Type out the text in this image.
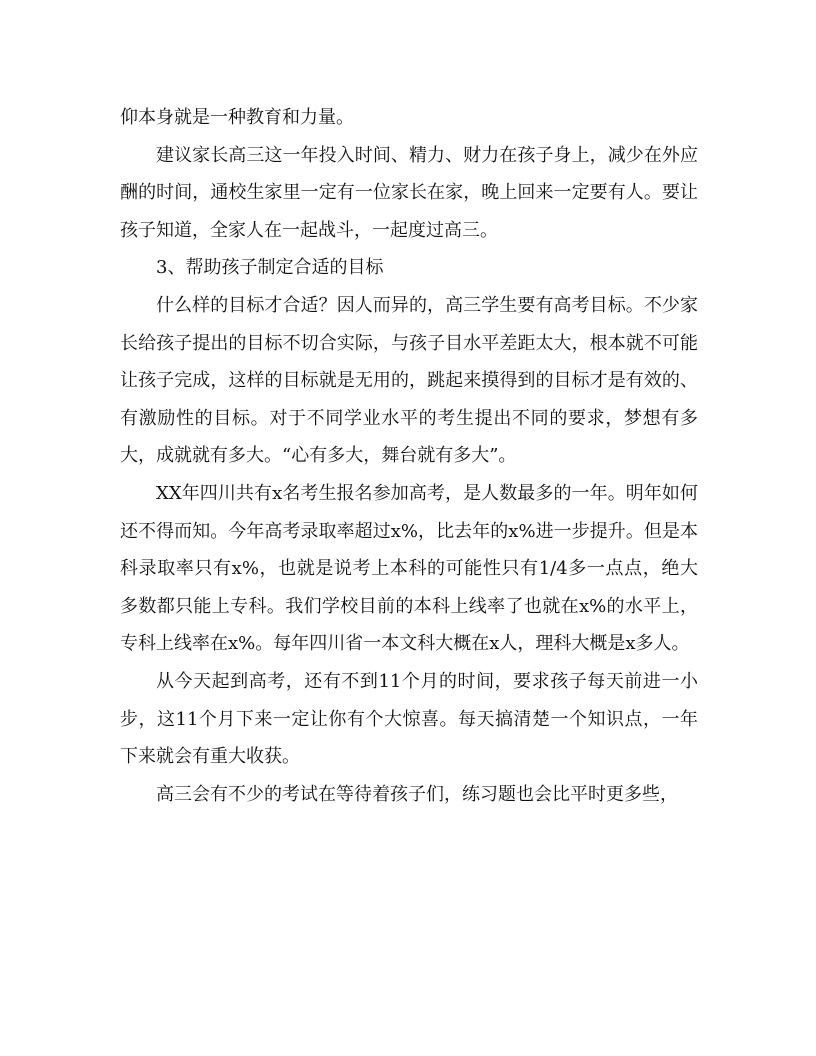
仰本身就是一种教育和力量。

建议家长高三这一年投入时间、精力、财力在孩子身上，减少在外应酬的时间，通校生家里一定有一位家长在家，晚上回来一定要有人。要让孩子知道，全家人在一起战斗，一起度过高三。

3、帮助孩子制定合适的目标

什么样的目标才合适？因人而异的，高三学生要有高考目标。不少家长给孩子提出的目标不切合实际，与孩子目水平差距太大，根本就不可能让孩子完成，这样的目标就是无用的，跳起来摸得到的目标才是有效的、有激励性的目标。对于不同学业水平的考生提出不同的要求，梦想有多大，成就就有多大。“心有多大，舞台就有多大”。

XX年四川共有x名考生报名参加高考，是人数最多的一年。明年如何还不得而知。今年高考录取率超过x%，比去年的x%进一步提升。但是本科录取率只有x%，也就是说考上本科的可能性只有1/4多一点点，绝大多数都只能上专科。我们学校目前的本科上线率了也就在x%的水平上，专科上线率在x%。每年四川省一本文科大概在x人，理科大概是x多人。

从今天起到高考，还有不到11个月的时间，要求孩子每天前进一小步，这11个月下来一定让你有个大惊喜。每天搞清楚一个知识点，一年下来就会有重大收获。

高三会有不少的考试在等待着孩子们，练习题也会比平时更多些，
